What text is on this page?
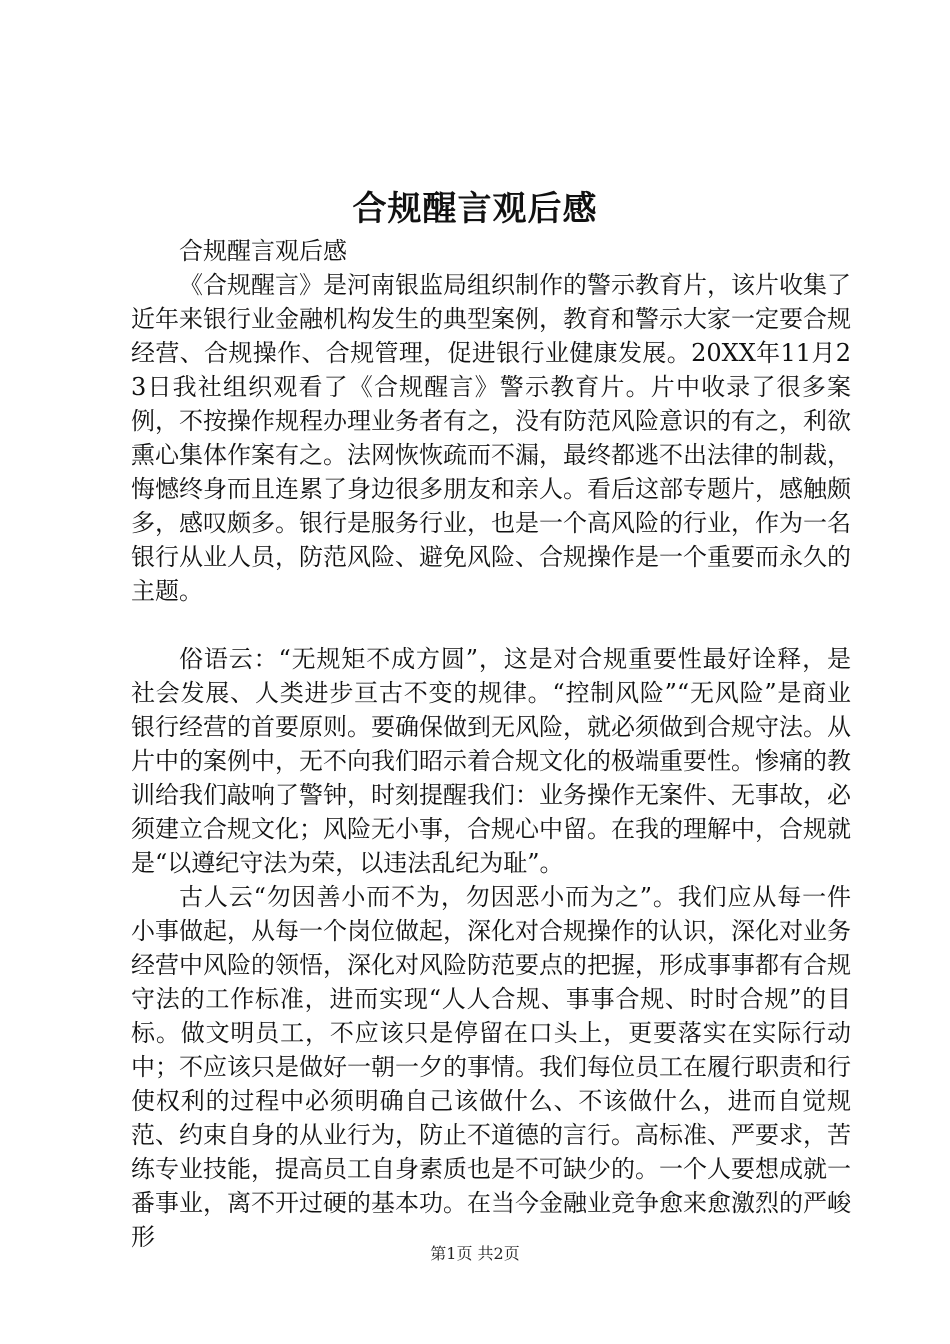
合规醒言观后感

合规醒言观后感

《合规醒言》是河南银监局组织制作的警示教育片，该片收集了近年来银行业金融机构发生的典型案例，教育和警示大家一定要合规经营、合规操作、合规管理，促进银行业健康发展。20XX年11月23日我社组织观看了《合规醒言》警示教育片。片中收录了很多案例，不按操作规程办理业务者有之，没有防范风险意识的有之，利欲熏心集体作案有之。法网恢恢疏而不漏，最终都逃不出法律的制裁，悔憾终身而且连累了身边很多朋友和亲人。看后这部专题片，感触颇多，感叹颇多。银行是服务行业，也是一个高风险的行业，作为一名银行从业人员，防范风险、避免风险、合规操作是一个重要而永久的主题。

俗语云：“无规矩不成方圆”，这是对合规重要性最好诠释，是社会发展、人类进步亘古不变的规律。“控制风险”“无风险”是商业银行经营的首要原则。要确保做到无风险，就必须做到合规守法。从片中的案例中，无不向我们昭示着合规文化的极端重要性。惨痛的教训给我们敲响了警钟，时刻提醒我们：业务操作无案件、无事故，必须建立合规文化；风险无小事，合规心中留。在我的理解中，合规就是“以遵纪守法为荣，以违法乱纪为耻”。

古人云“勿因善小而不为，勿因恶小而为之”。我们应从每一件小事做起，从每一个岗位做起，深化对合规操作的认识，深化对业务经营中风险的领悟，深化对风险防范要点的把握，形成事事都有合规守法的工作标准，进而实现“人人合规、事事合规、时时合规”的目标。做文明员工，不应该只是停留在口头上，更要落实在实际行动中；不应该只是做好一朝一夕的事情。我们每位员工在履行职责和行使权利的过程中必须明确自己该做什么、不该做什么，进而自觉规范、约束自身的从业行为，防止不道德的言行。高标准、严要求，苦练专业技能，提高员工自身素质也是不可缺少的。一个人要想成就一番事业，离不开过硬的基本功。在当今金融业竞争愈来愈激烈的严峻形

第1页 共2页
